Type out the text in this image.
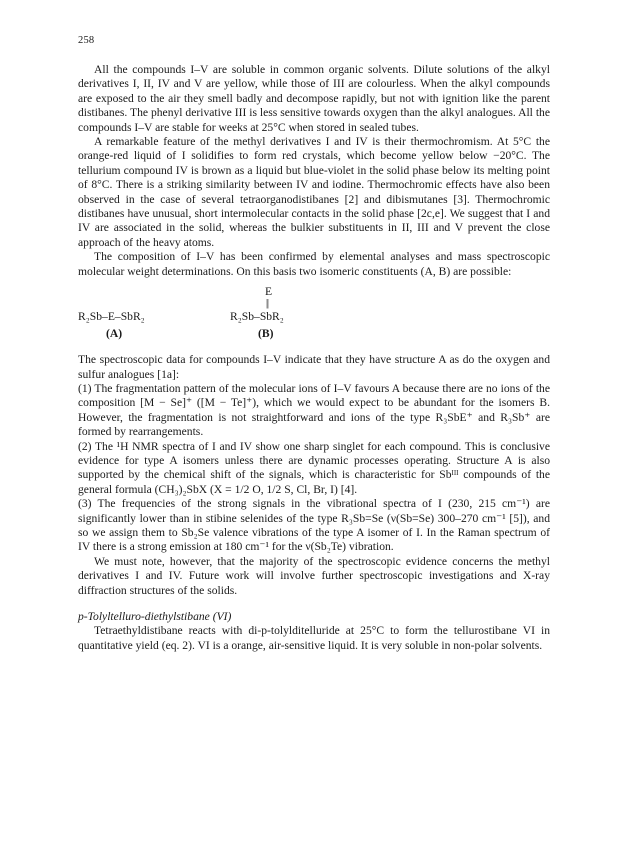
258

All the compounds I–V are soluble in common organic solvents. Dilute solutions of the alkyl derivatives I, II, IV and V are yellow, while those of III are colourless. When the alkyl compounds are exposed to the air they smell badly and decompose rapidly, but not with ignition like the parent distibanes. The phenyl derivative III is less sensitive towards oxygen than the alkyl analogues. All the compounds I–V are stable for weeks at 25°C when stored in sealed tubes.

A remarkable feature of the methyl derivatives I and IV is their thermochromism. At 5°C the orange-red liquid of I solidifies to form red crystals, which become yellow below −20°C. The tellurium compound IV is brown as a liquid but blue-violet in the solid phase below its melting point of 8°C. There is a striking similarity between IV and iodine. Thermochromic effects have also been observed in the case of several tetraorganodistibanes [2] and dibismutanes [3]. Thermochromic distibanes have unusual, short intermolecular contacts in the solid phase [2c,e]. We suggest that I and IV are associated in the solid, whereas the bulkier substituents in II, III and V prevent the close approach of the heavy atoms.

The composition of I–V has been confirmed by elemental analyses and mass spectroscopic molecular weight determinations. On this basis two isomeric constituents (A, B) are possible:

E
||
R₂Sb–E–SbR₂	R₂Sb–SbR₂
(A)	(B)

The spectroscopic data for compounds I–V indicate that they have structure A as do the oxygen and sulfur analogues [1a]:

(1) The fragmentation pattern of the molecular ions of I–V favours A because there are no ions of the composition [M − Se]⁺ ([M − Te]⁺), which we would expect to be abundant for the isomers B. However, the fragmentation is not straightforward and ions of the type R₃SbE⁺ and R₃Sb⁺ are formed by rearrangements.

(2) The ¹H NMR spectra of I and IV show one sharp singlet for each compound. This is conclusive evidence for type A isomers unless there are dynamic processes operating. Structure A is also supported by the chemical shift of the signals, which is characteristic for Sbᴵᴵᴵ compounds of the general formula (CH₃)₂SbX (X = 1/2 O, 1/2 S, Cl, Br, I) [4].

(3) The frequencies of the strong signals in the vibrational spectra of I (230, 215 cm⁻¹) are significantly lower than in stibine selenides of the type R₃Sb=Se (ν(Sb=Se) 300–270 cm⁻¹ [5]), and so we assign them to Sb₂Se valence vibrations of the type A isomer of I. In the Raman spectrum of IV there is a strong emission at 180 cm⁻¹ for the ν(Sb₂Te) vibration.

We must note, however, that the majority of the spectroscopic evidence concerns the methyl derivatives I and IV. Future work will involve further spectroscopic investigations and X-ray diffraction structures of the solids.

p-Tolyltelluro-diethylstibane (VI)

Tetraethyldistibane reacts with di-p-tolylditelluride at 25°C to form the tellurostibane VI in quantitative yield (eq. 2). VI is a orange, air-sensitive liquid. It is very soluble in non-polar solvents.
